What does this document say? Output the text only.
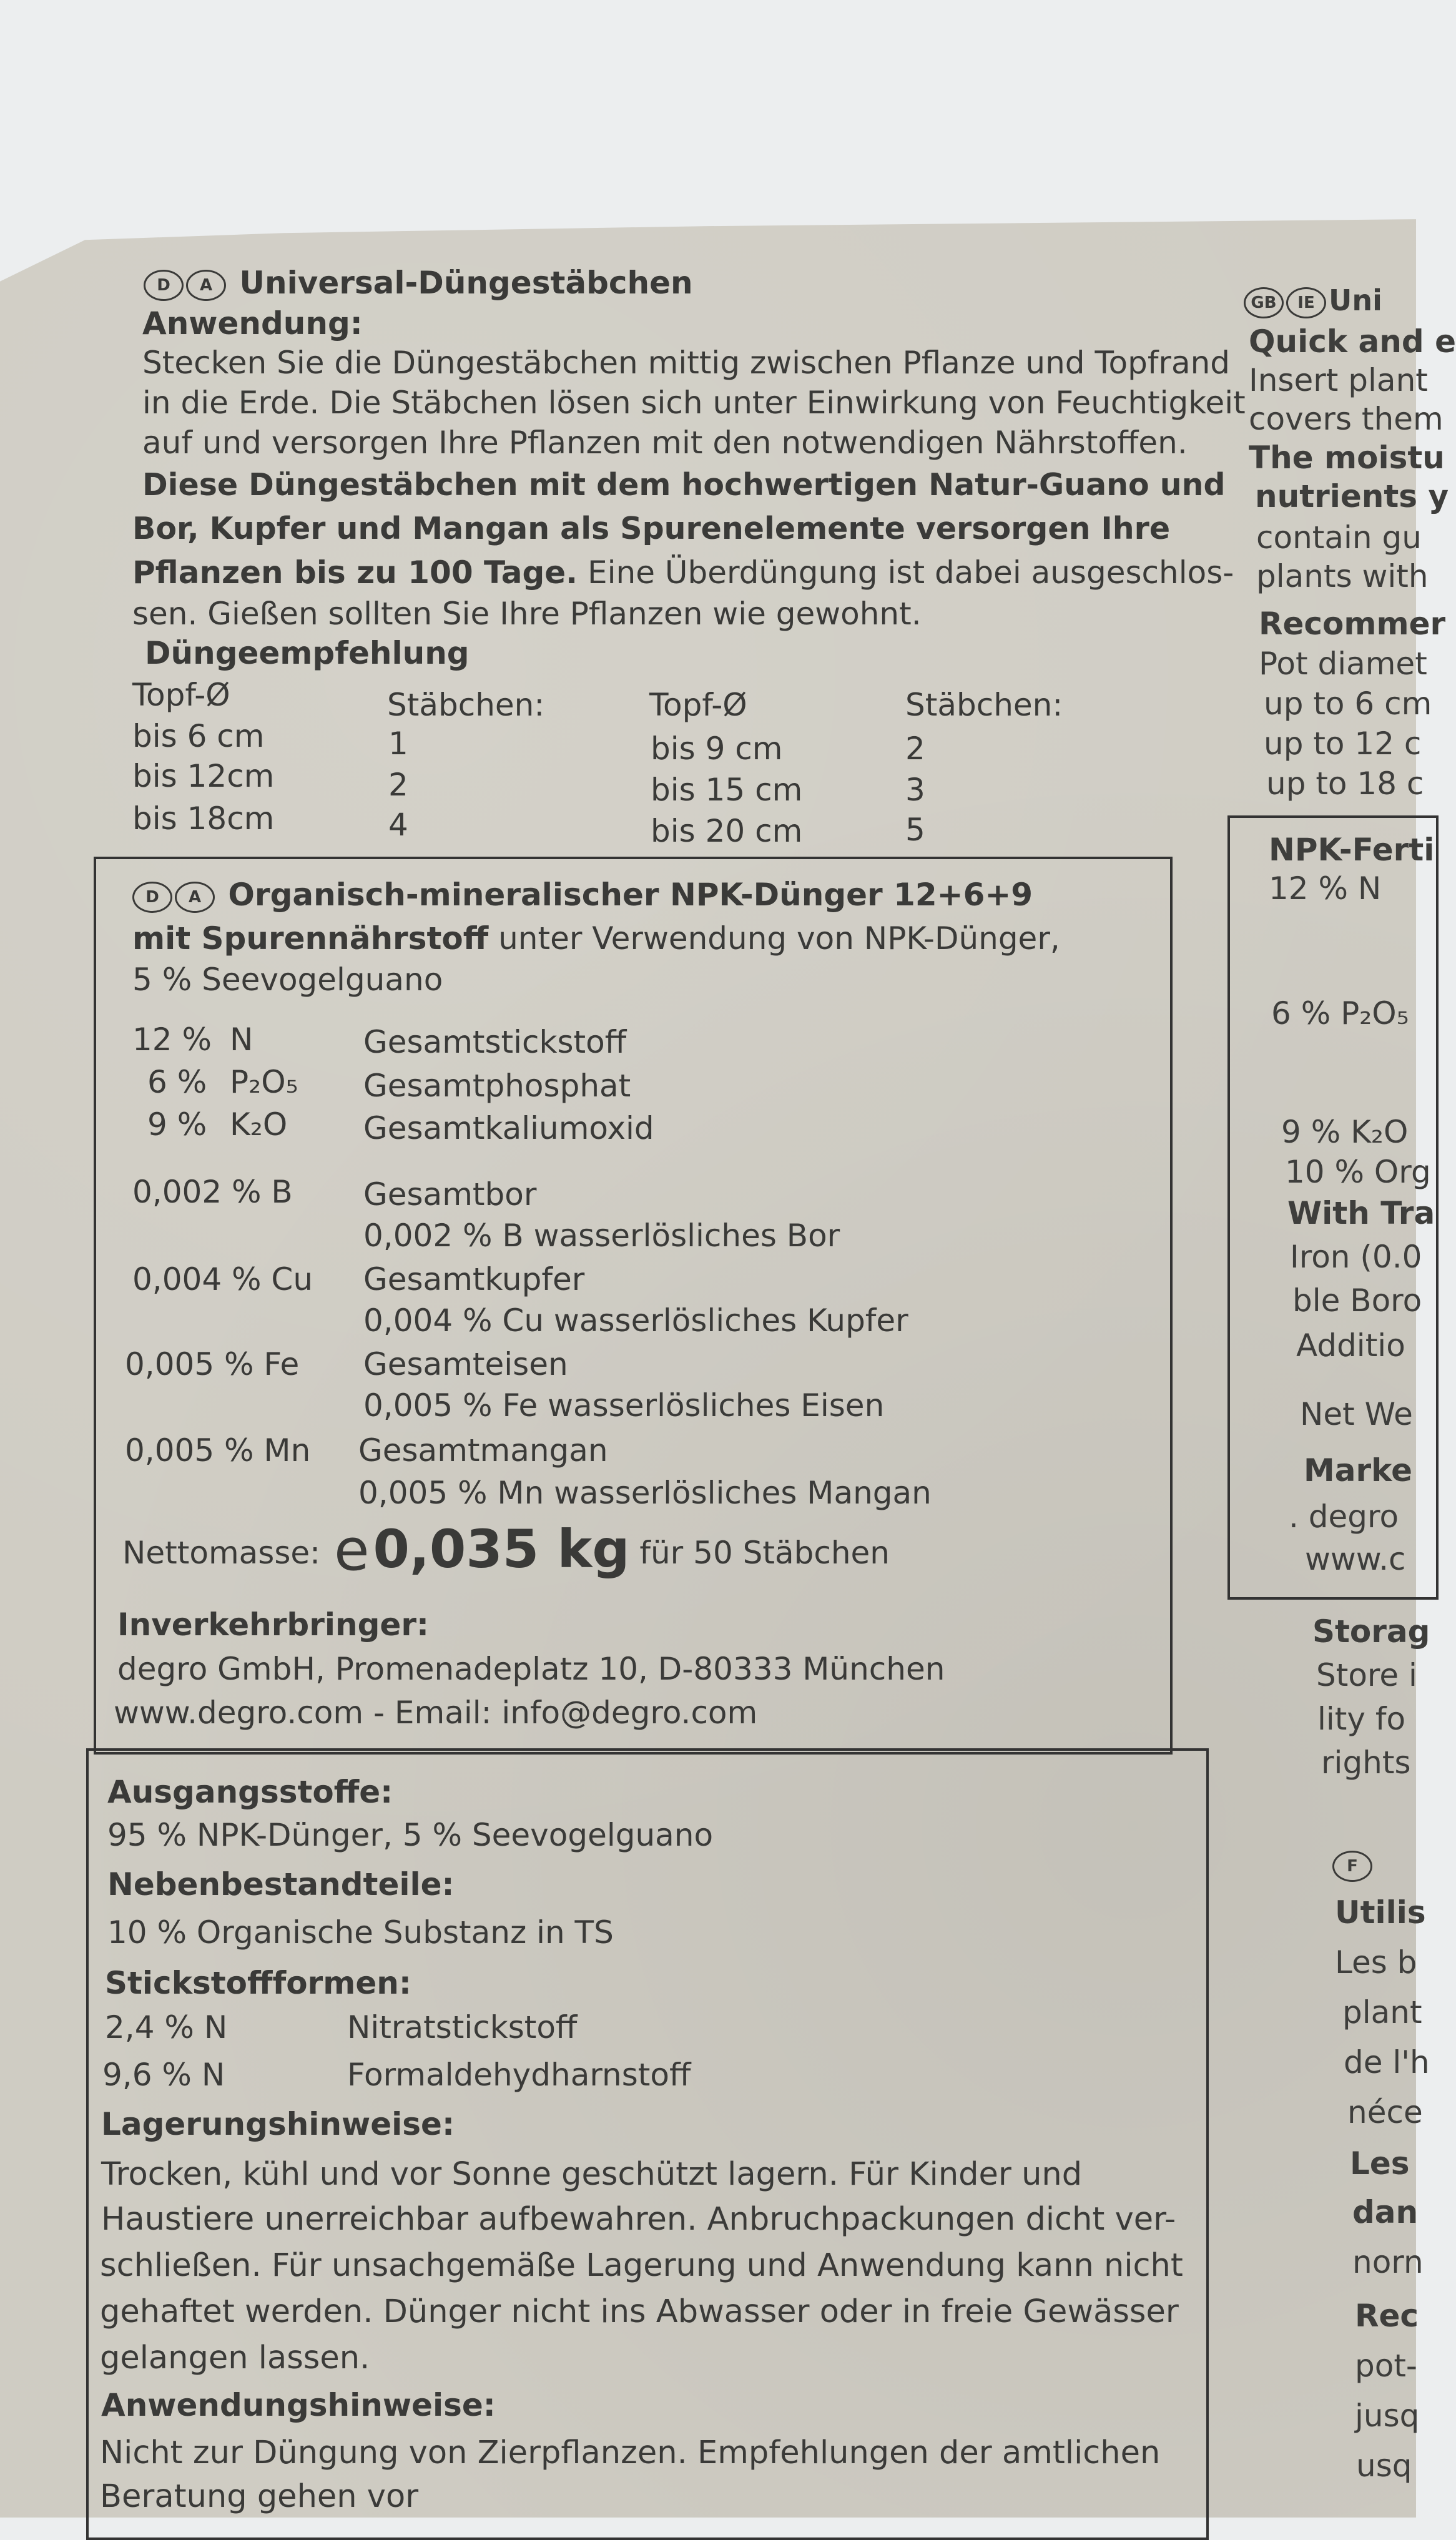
D A Universal-Düngestäbchen
Anwendung:
Stecken Sie die Düngestäbchen mittig zwischen Pflanze und Topfrand
in die Erde. Die Stäbchen lösen sich unter Einwirkung von Feuchtigkeit
auf und versorgen Ihre Pflanzen mit den notwendigen Nährstoffen.
Diese Düngestäbchen mit dem hochwertigen Natur-Guano und
Bor, Kupfer und Mangan als Spurenelemente versorgen Ihre
Pflanzen bis zu 100 Tage. Eine Überdüngung ist dabei ausgeschlos-
sen. Gießen sollten Sie Ihre Pflanzen wie gewohnt.
Düngeempfehlung
Topf-Ø	Stäbchen:	Topf-Ø	Stäbchen:
bis 6 cm	1	bis 9 cm	2
bis 12cm	2	bis 15 cm	3
bis 18cm	4	bis 20 cm	5
D A Organisch-mineralischer NPK-Dünger 12+6+9
mit Spurennährstoff unter Verwendung von NPK-Dünger,
5 % Seevogelguano
12 % N	Gesamtstickstoff
6 % P₂O₅ Gesamtphosphat
9 % K₂O Gesamtkaliumoxid
0,002 % B Gesamtbor
0,002 % B wasserlösliches Bor
0,004 % Cu Gesamtkupfer
0,004 % Cu wasserlösliches Kupfer
0,005 % Fe Gesamteisen
0,005 % Fe wasserlösliches Eisen
0,005 % Mn Gesamtmangan
0,005 % Mn wasserlösliches Mangan
Nettomasse: e0,035 kg für 50 Stäbchen
Inverkehrbringer:
degro GmbH, Promenadeplatz 10, D-80333 München
www.degro.com - Email: info@degro.com
Ausgangsstoffe:
95 % NPK-Dünger, 5 % Seevogelguano
Nebenbestandteile:
10 % Organische Substanz in TS
Stickstoffformen:
2,4 % N	Nitratstickstoff
9,6 % N	Formaldehydharnstoff
Lagerungshinweise:
Trocken, kühl und vor Sonne geschützt lagern. Für Kinder und
Haustiere unerreichbar aufbewahren. Anbruchpackungen dicht ver-
schließen. Für unsachgemäße Lagerung und Anwendung kann nicht
gehaftet werden. Dünger nicht ins Abwasser oder in freie Gewässer
gelangen lassen.
Anwendungshinweise:
Nicht zur Düngung von Zierpflanzen. Empfehlungen der amtlichen
Beratung gehen vor
GB IE Uni
Quick and e
Insert plant
covers them
The moistu
nutrients y
contain gu
plants with
Recommer
Pot diamet
up to 6 cm
up to 12 c
up to 18 c
NPK-Ferti
12 % N
6 % P₂O₅
9 % K₂O
10 % Org
With Tra
Iron (0.0
ble Boro
Additio
Net We
Marke
. degro
www.c
Storag
Store i
lity fo
rights
F
Utilis
Les b
plant
de l'h
néce
Les
dan
norn
Rec
pot-
jusq
usq
